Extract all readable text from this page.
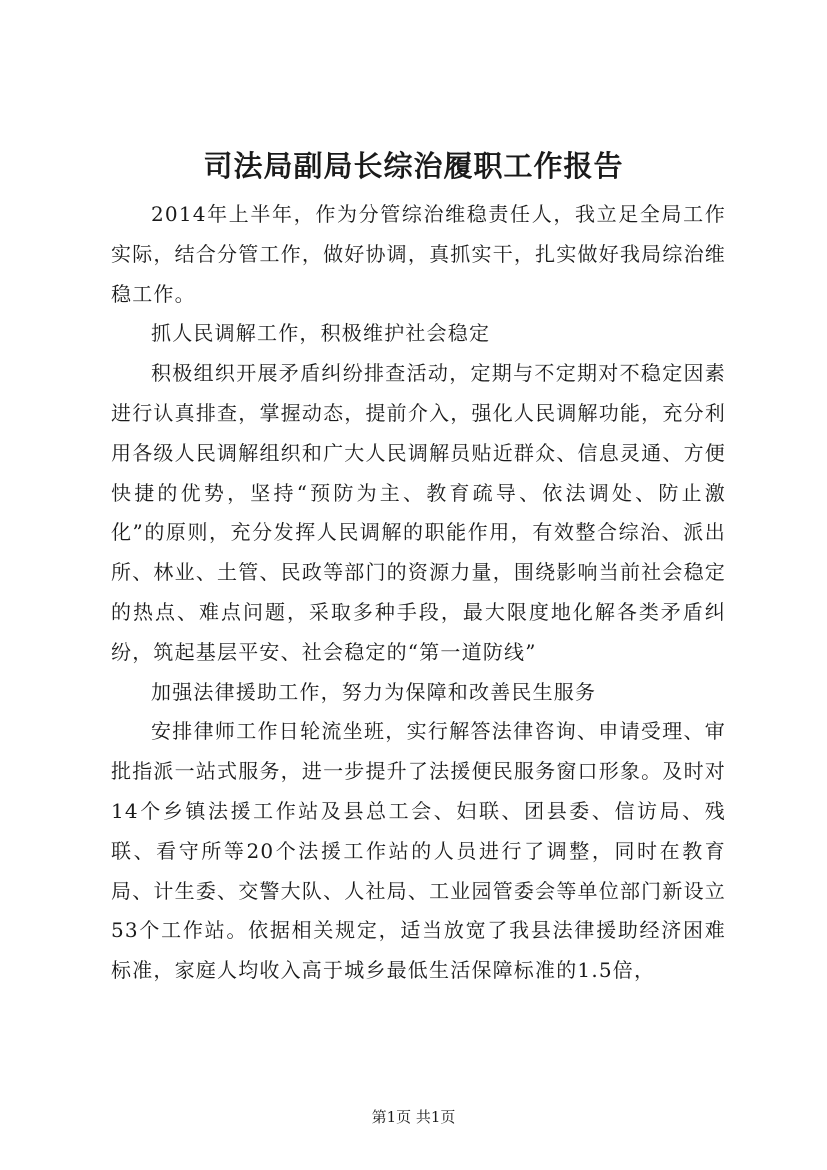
司法局副局长综治履职工作报告

2014年上半年，作为分管综治维稳责任人，我立足全局工作实际，结合分管工作，做好协调，真抓实干，扎实做好我局综治维稳工作。

抓人民调解工作，积极维护社会稳定

积极组织开展矛盾纠纷排查活动，定期与不定期对不稳定因素进行认真排查，掌握动态，提前介入，强化人民调解功能，充分利用各级人民调解组织和广大人民调解员贴近群众、信息灵通、方便快捷的优势，坚持“预防为主、教育疏导、依法调处、防止激化”的原则，充分发挥人民调解的职能作用，有效整合综治、派出所、林业、土管、民政等部门的资源力量，围绕影响当前社会稳定的热点、难点问题，采取多种手段，最大限度地化解各类矛盾纠纷，筑起基层平安、社会稳定的“第一道防线”

加强法律援助工作，努力为保障和改善民生服务

安排律师工作日轮流坐班，实行解答法律咨询、申请受理、审批指派一站式服务，进一步提升了法援便民服务窗口形象。及时对14个乡镇法援工作站及县总工会、妇联、团县委、信访局、残联、看守所等20个法援工作站的人员进行了调整，同时在教育局、计生委、交警大队、人社局、工业园管委会等单位部门新设立53个工作站。依据相关规定，适当放宽了我县法律援助经济困难标准，家庭人均收入高于城乡最低生活保障标准的1.5倍，

第1页 共1页
